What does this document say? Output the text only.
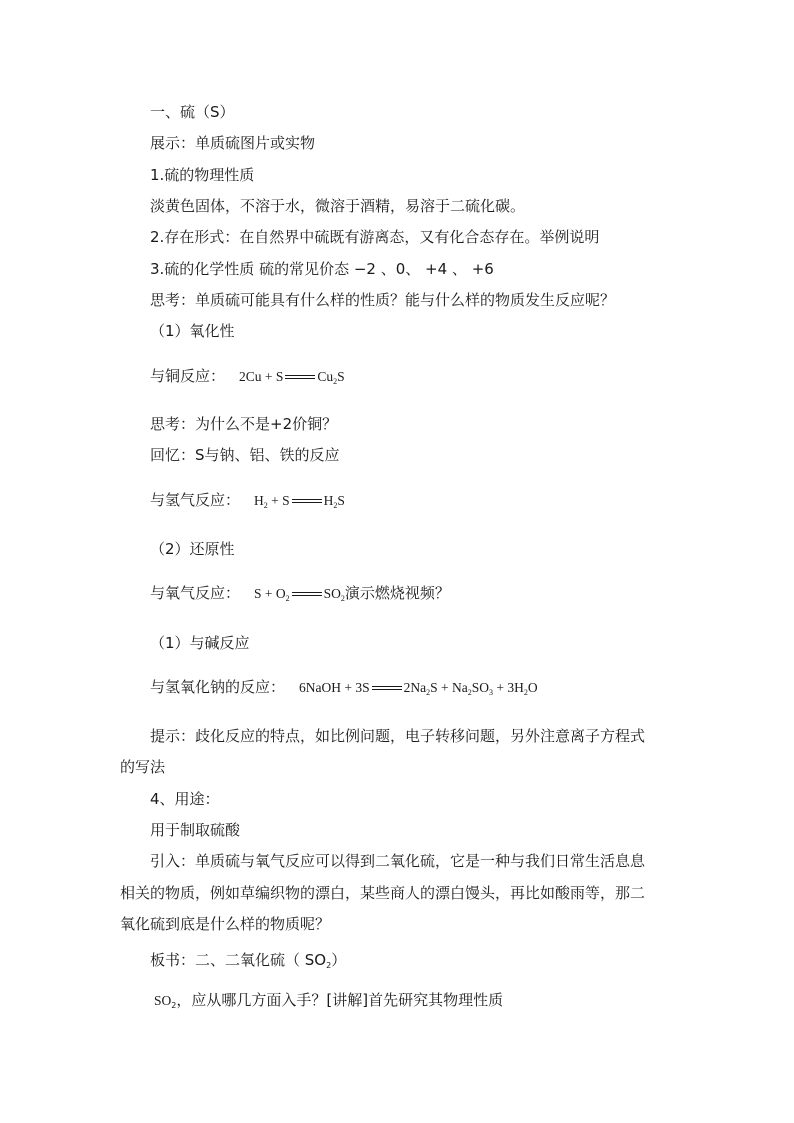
一、硫（S）
展示：单质硫图片或实物
1.硫的物理性质
淡黄色固体，不溶于水，微溶于酒精，易溶于二硫化碳。
2.存在形式：在自然界中硫既有游离态，又有化合态存在。举例说明
3.硫的化学性质 硫的常见价态 −2 、0、 +4 、 +6
思考：单质硫可能具有什么样的性质？能与什么样的物质发生反应呢？
（1）氧化性
与铜反应： 2Cu + S	$Cu_2S$
思考：为什么不是+2价铜？
回忆：S与钠、铝、铁的反应
与氢气反应： $H_2 + S$	$H_2S$
（2）还原性
与氧气反应： $S + O_2$	$SO_2$演示燃烧视频？
（1）与碱反应
与氢氧化钠的反应： 6NaOH + 3S	$2Na_2S + Na_2SO_3 + 3H_2O$
提示：歧化反应的特点，如比例问题，电子转移问题，另外注意离子方程式
的写法
4、用途：
用于制取硫酸
引入：单质硫与氧气反应可以得到二氧化硫，它是一种与我们日常生活息息
相关的物质，例如草编织物的漂白，某些商人的漂白馒头，再比如酸雨等，那二
氧化硫到底是什么样的物质呢？
板书：二、二氧化硫（ $SO_2$）
$SO_2$，应从哪几方面入手？[讲解]首先研究其物理性质
